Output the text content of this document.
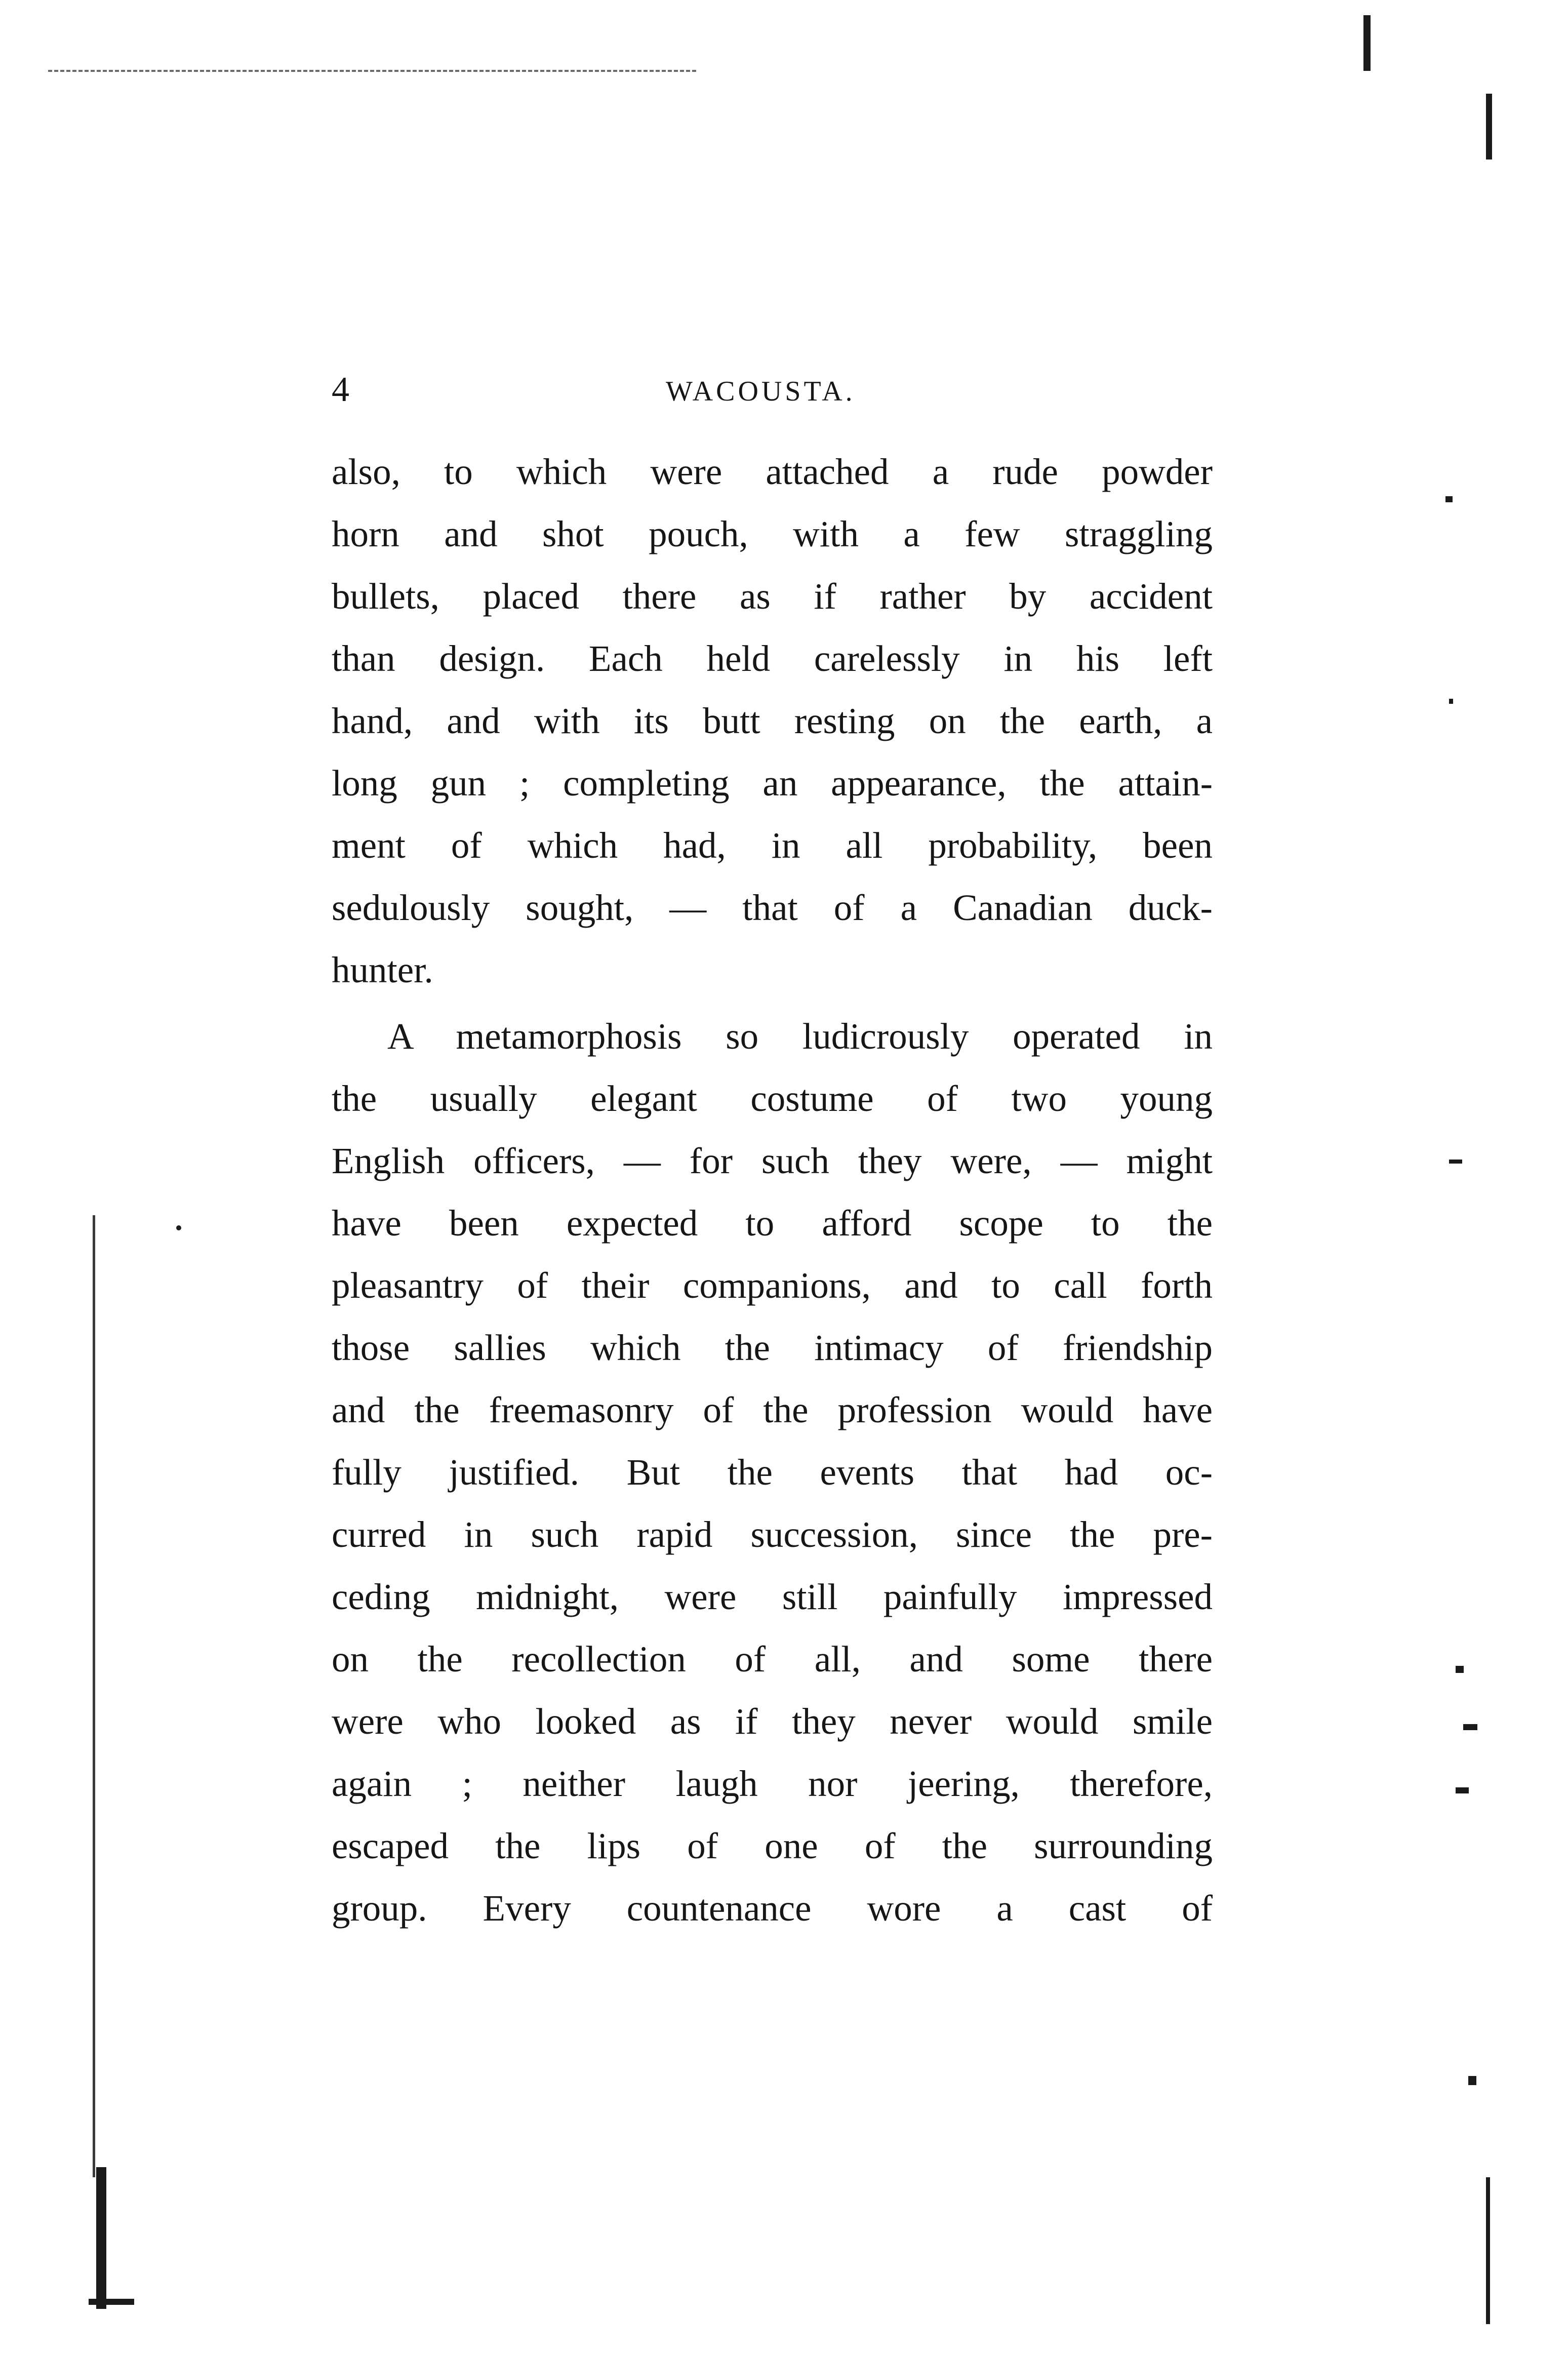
4	WACOUSTA.
also, to which were attached a rude powder
horn and shot pouch, with a few straggling
bullets, placed there as if rather by accident
than design. Each held carelessly in his left
hand, and with its butt resting on the earth, a
long gun ; completing an appearance, the attain-
ment of which had, in all probability, been
sedulously sought, — that of a Canadian duck-
hunter.
A metamorphosis so ludicrously operated in
the usually elegant costume of two young
English officers, — for such they were, — might
have been expected to afford scope to the
pleasantry of their companions, and to call forth
those sallies which the intimacy of friendship
and the freemasonry of the profession would have
fully justified. But the events that had oc-
curred in such rapid succession, since the pre-
ceding midnight, were still painfully impressed
on the recollection of all, and some there
were who looked as if they never would smile
again ; neither laugh nor jeering, therefore,
escaped the lips of one of the surrounding
group. Every countenance wore a cast of
